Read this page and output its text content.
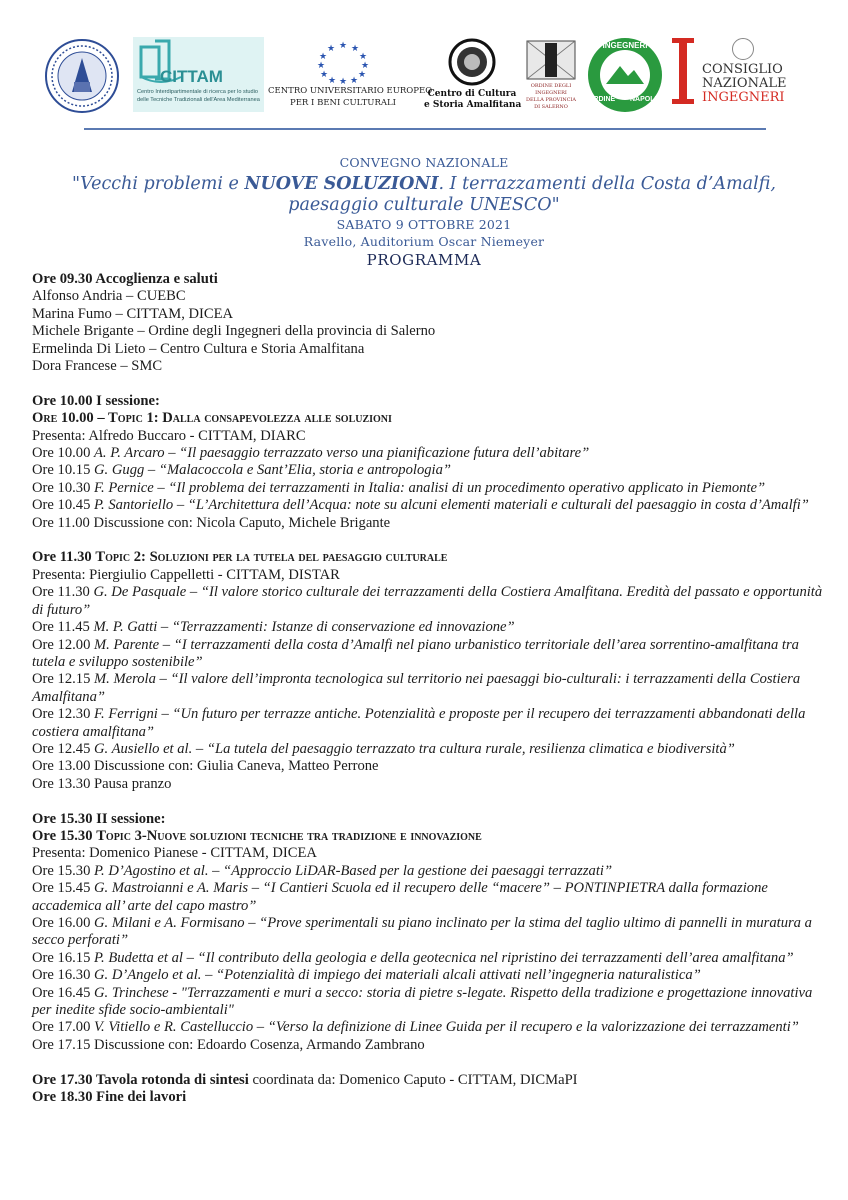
CITTAM
Centro Interdipartimentale di ricerca per lo studio
delle Tecniche Tradizionali dell'Area Mediterranea
★ ★
★
★
★
★
★
★
★
★
★
★
CENTRO UNIVERSITARIO EUROPEO
PER I BENI CULTURALI
Centro di Cultura
e Storia Amalfitana
ORDINE DEGLI
INGEGNERI
DELLA PROVINCIA
DI SALERNO
INGEGNERI
ORDINE NAPOLI
CONSIGLIO
NAZIONALE
INGEGNERI
CONVEGNO NAZIONALE
"Vecchi problemi e NUOVE SOLUZIONI. I terrazzamenti della Costa d’Amalfi,
paesaggio culturale UNESCO"
SABATO 9 OTTOBRE 2021
Ravello, Auditorium Oscar Niemeyer
PROGRAMMA
Ore 09.30 Accoglienza e saluti
Alfonso Andria – CUEBC
Marina Fumo – CITTAM, DICEA
Michele Brigante – Ordine degli Ingegneri della provincia di Salerno
Ermelinda Di Lieto – Centro Cultura e Storia Amalfitana
Dora Francese – SMC
Ore 10.00 I sessione:
Ore 10.00 – Topic 1: Dalla consapevolezza alle soluzioni
Presenta: Alfredo Buccaro - CITTAM, DIARC
Ore 10.00 A. P. Arcaro – “Il paesaggio terrazzato verso una pianificazione futura dell’abitare”
Ore 10.15 G. Gugg – “Malacoccola e Sant’Elia, storia e antropologia”
Ore 10.30 F. Pernice – “Il problema dei terrazzamenti in Italia: analisi di un procedimento operativo applicato in Piemonte”
Ore 10.45 P. Santoriello – “L’Architettura dell’Acqua: note su alcuni elementi materiali e culturali del paesaggio in costa d’Amalfi”
Ore 11.00 Discussione con: Nicola Caputo, Michele Brigante
Ore 11.30 Topic 2: Soluzioni per la tutela del paesaggio culturale
Presenta: Piergiulio Cappelletti - CITTAM, DISTAR
Ore 11.30 G. De Pasquale – “Il valore storico culturale dei terrazzamenti della Costiera Amalfitana. Eredità del passato e opportunità di futuro”
Ore 11.45 M. P. Gatti – “Terrazzamenti: Istanze di conservazione ed innovazione”
Ore 12.00 M. Parente – “I terrazzamenti della costa d’Amalfi nel piano urbanistico territoriale dell’area sorrentino-amalfitana tra tutela e sviluppo sostenibile”
Ore 12.15 M. Merola – “Il valore dell’impronta tecnologica sul territorio nei paesaggi bio-culturali: i terrazzamenti della Costiera Amalfitana”
Ore 12.30 F. Ferrigni – “Un futuro per terrazze antiche. Potenzialità e proposte per il recupero dei terrazzamenti abbandonati della costiera amalfitana”
Ore 12.45 G. Ausiello et al. – “La tutela del paesaggio terrazzato tra cultura rurale, resilienza climatica e biodiversità”
Ore 13.00 Discussione con: Giulia Caneva, Matteo Perrone
Ore 13.30 Pausa pranzo
Ore 15.30 II sessione:
Ore 15.30 Topic 3-Nuove soluzioni tecniche tra tradizione e innovazione
Presenta: Domenico Pianese - CITTAM, DICEA
Ore 15.30 P. D’Agostino et al. – “Approccio LiDAR-Based per la gestione dei paesaggi terrazzati”
Ore 15.45 G. Mastroianni e A. Maris – “I Cantieri Scuola ed il recupero delle “macere” – PONTINPIETRA dalla formazione accademica all’ arte del capo mastro”
Ore 16.00 G. Milani e A. Formisano – “Prove sperimentali su piano inclinato per la stima del taglio ultimo di pannelli in muratura a secco perforati”
Ore 16.15 P. Budetta et al – “Il contributo della geologia e della geotecnica nel ripristino dei terrazzamenti dell’area amalfitana”
Ore 16.30 G. D’Angelo et al. – “Potenzialità di impiego dei materiali alcali attivati nell’ingegneria naturalistica”
Ore 16.45 G. Trinchese - "Terrazzamenti e muri a secco: storia di pietre s-legate. Rispetto della tradizione e progettazione innovativa per inedite sfide socio-ambientali"
Ore 17.00 V. Vitiello e R. Castelluccio – “Verso la definizione di Linee Guida per il recupero e la valorizzazione dei terrazzamenti”
Ore 17.15 Discussione con: Edoardo Cosenza, Armando Zambrano
Ore 17.30 Tavola rotonda di sintesi coordinata da: Domenico Caputo - CITTAM, DICMaPI
Ore 18.30 Fine dei lavori
